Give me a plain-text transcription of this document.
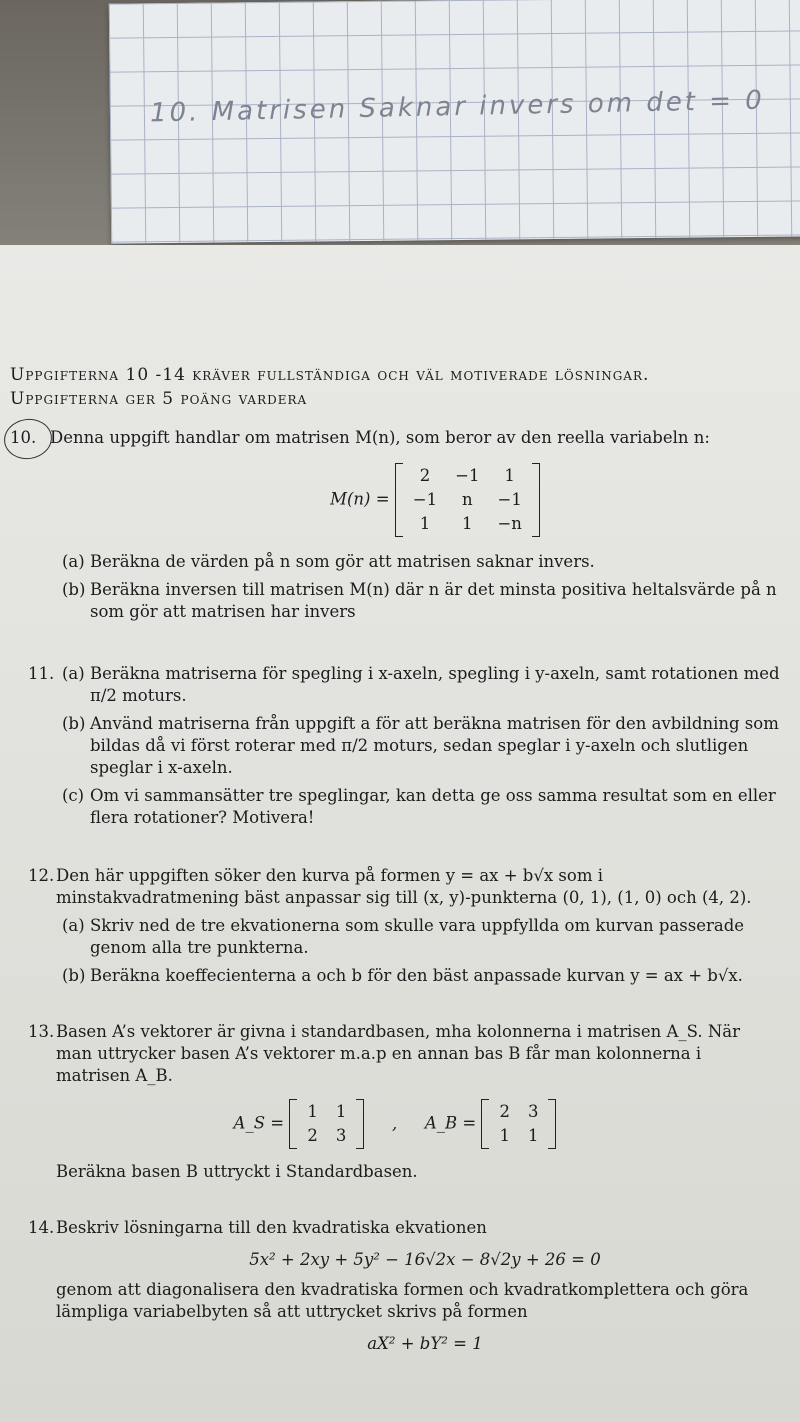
10. Matrisen Saknar invers om det = 0
Uppgifterna 10 -14 kräver fullständiga och väl motiverade lösningar.
Uppgifterna ger 5 poäng vardera
10. Denna uppgift handlar om matrisen M(n), som beror av den reella variabeln n:
M(n) =
2	−1	1
−1	n	−1
1	1	−n
(a) Beräkna de värden på n som gör att matrisen saknar invers.
(b) Beräkna inversen till matrisen M(n) där n är det minsta positiva heltalsvärde på n som gör att matrisen har invers
11. (a) Beräkna matriserna för spegling i x-axeln, spegling i y-axeln, samt rotationen med π/2 moturs.
(b) Använd matriserna från uppgift a för att beräkna matrisen för den avbildning som bildas då vi först roterar med π/2 moturs, sedan speglar i y-axeln och slutligen speglar i x-axeln.
(c) Om vi sammansätter tre speglingar, kan detta ge oss samma resultat som en eller flera rotationer? Motivera!
12. Den här uppgiften söker den kurva på formen y = ax + b√x som i minstakvadratmening bäst anpassar sig till (x, y)-punkterna (0, 1), (1, 0) och (4, 2).
(a) Skriv ned de tre ekvationerna som skulle vara uppfyllda om kurvan passerade genom alla tre punkterna.
(b) Beräkna koeffecienterna a och b för den bäst anpassade kurvan y = ax + b√x.
13. Basen A’s vektorer är givna i standardbasen, mha kolonnerna i matrisen A_S. När man uttrycker basen A’s vektorer m.a.p en annan bas B får man kolonnerna i matrisen A_B.
A_S =
1 1
2 3
, A_B =
2 3
1 1
Beräkna basen B uttryckt i Standardbasen.
14. Beskriv lösningarna till den kvadratiska ekvationen
5x² + 2xy + 5y² − 16√2x − 8√2y + 26 = 0
genom att diagonalisera den kvadratiska formen och kvadratkomplettera och göra lämpliga variabelbyten så att uttrycket skrivs på formen
aX² + bY² = 1
